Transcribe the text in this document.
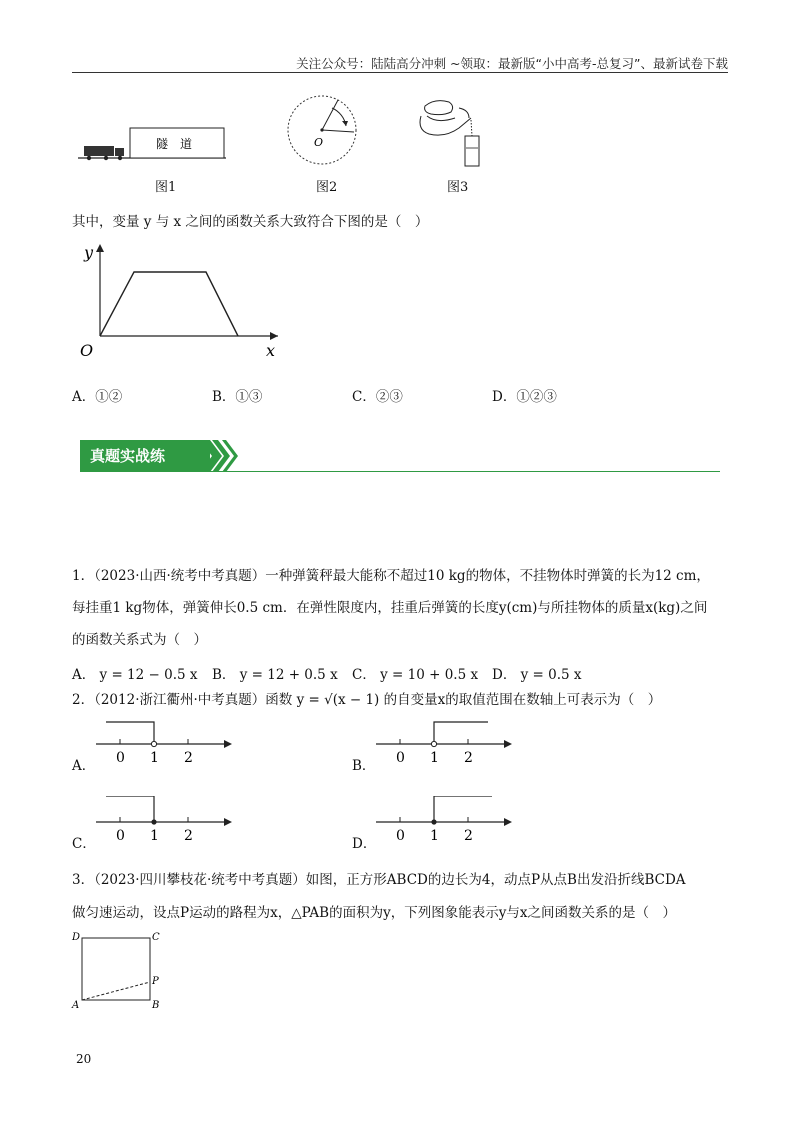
关注公众号：陆陆高分冲刺 ~领取：最新版“小中高考-总复习”、最新试卷下载
隧　道
图1
O
图2	图3
其中，变量 y 与 x 之间的函数关系大致符合下图的是（　）
y
x
O
A．①②	B．①③	C．②③	D．①②③
真题实战练
1．（2023·山西·统考中考真题）一种弹簧秤最大能称不超过10 kg的物体，不挂物体时弹簧的长为12 cm，
每挂重1 kg物体，弹簧伸长0.5 cm．在弹性限度内，挂重后弹簧的长度y(cm)与所挂物体的质量x(kg)之间
的函数关系式为（　）
A． y = 12 − 0.5 x B． y = 12 + 0.5 x C． y = 10 + 0.5 x D． y = 0.5 x
2．（2012·浙江衢州·中考真题）函数 y = √(x − 1) 的自变量x的取值范围在数轴上可表示为（　）
A． 0 1 2	B． 0 1 2
C． 0 1 2	D． 0 1 2
3．（2023·四川攀枝花·统考中考真题）如图，正方形ABCD的边长为4，动点P从点B出发沿折线BCDA
做匀速运动，设点P运动的路程为x，△PAB的面积为y，下列图象能表示y与x之间函数关系的是（　）
D	C
A	B
P
20
